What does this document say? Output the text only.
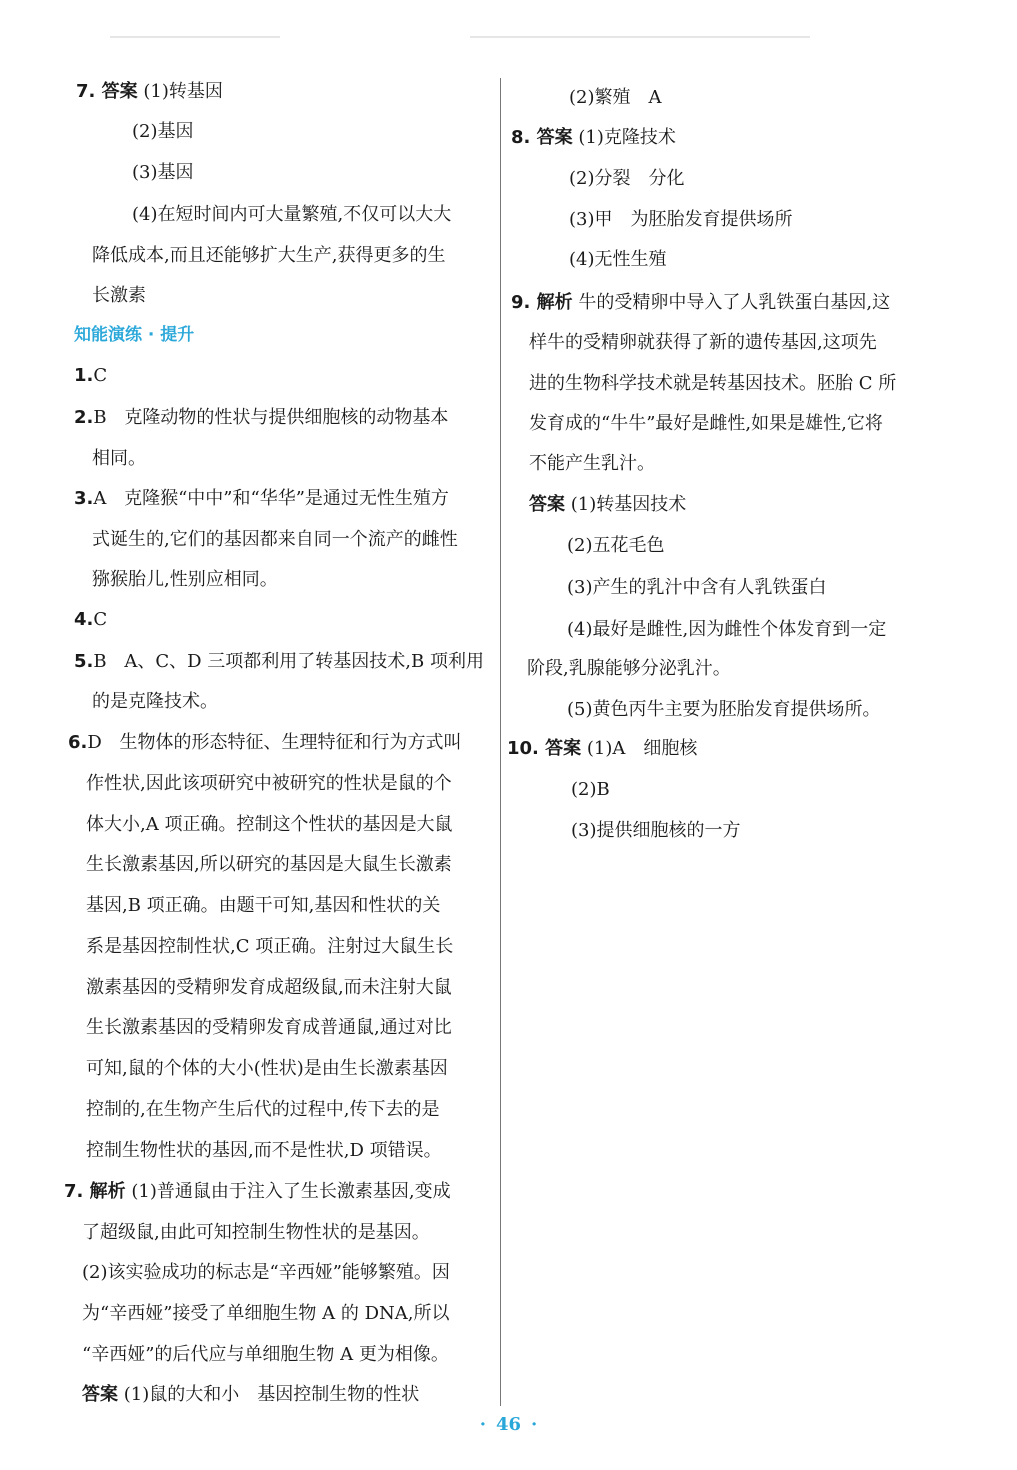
7. 答案 (1)转基因
(2)基因
(3)基因
(4)在短时间内可大量繁殖,不仅可以大大
降低成本,而且还能够扩大生产,获得更多的生
长激素
知能演练 · 提升
1.C
2.B 克隆动物的性状与提供细胞核的动物基本
相同。
3.A 克隆猴“中中”和“华华”是通过无性生殖方
式诞生的,它们的基因都来自同一个流产的雌性
猕猴胎儿,性别应相同。
4.C
5.B A、C、D 三项都利用了转基因技术,B 项利用
的是克隆技术。
6.D 生物体的形态特征、生理特征和行为方式叫
作性状,因此该项研究中被研究的性状是鼠的个
体大小,A 项正确。控制这个性状的基因是大鼠
生长激素基因,所以研究的基因是大鼠生长激素
基因,B 项正确。由题干可知,基因和性状的关
系是基因控制性状,C 项正确。注射过大鼠生长
激素基因的受精卵发育成超级鼠,而未注射大鼠
生长激素基因的受精卵发育成普通鼠,通过对比
可知,鼠的个体的大小(性状)是由生长激素基因
控制的,在生物产生后代的过程中,传下去的是
控制生物性状的基因,而不是性状,D 项错误。
7. 解析 (1)普通鼠由于注入了生长激素基因,变成
了超级鼠,由此可知控制生物性状的是基因。
(2)该实验成功的标志是“辛西娅”能够繁殖。因
为“辛西娅”接受了单细胞生物 A 的 DNA,所以
“辛西娅”的后代应与单细胞生物 A 更为相像。
答案 (1)鼠的大和小　基因控制生物的性状
(2)繁殖　A
8. 答案 (1)克隆技术
(2)分裂　分化
(3)甲　为胚胎发育提供场所
(4)无性生殖
9. 解析 牛的受精卵中导入了人乳铁蛋白基因,这
样牛的受精卵就获得了新的遗传基因,这项先
进的生物科学技术就是转基因技术。胚胎 C 所
发育成的“牛牛”最好是雌性,如果是雄性,它将
不能产生乳汁。
答案 (1)转基因技术
(2)五花毛色
(3)产生的乳汁中含有人乳铁蛋白
(4)最好是雌性,因为雌性个体发育到一定
阶段,乳腺能够分泌乳汁。
(5)黄色丙牛主要为胚胎发育提供场所。
10. 答案 (1)A　细胞核
(2)B
(3)提供细胞核的一方
· 46 ·
